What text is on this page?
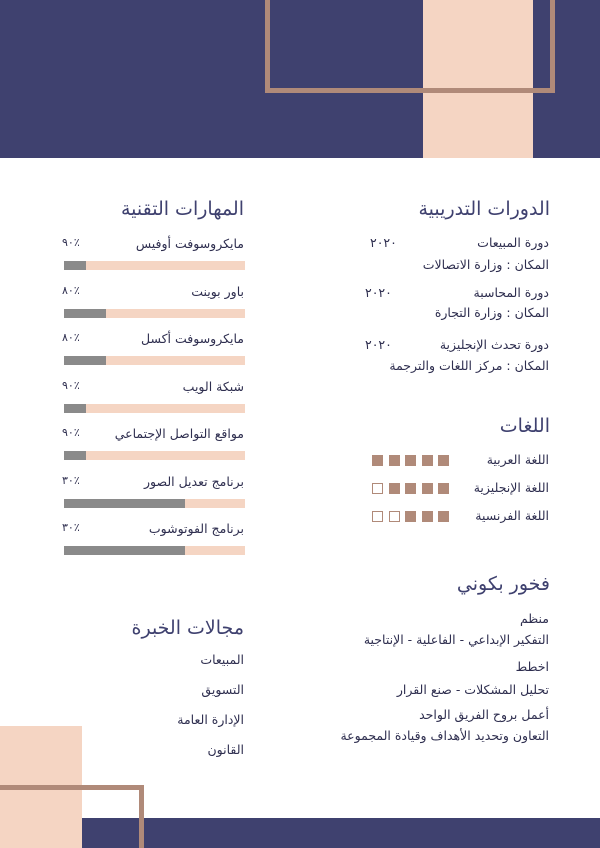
الدورات التدريبية
دورة المبيعات
٢٠٢٠
المكان : وزارة الاتصالات
دورة المحاسبة
٢٠٢٠
المكان : وزارة التجارة
دورة تحدث الإنجليزية
٢٠٢٠
المكان : مركز اللغات والترجمة
اللغات
اللغة العربية
اللغة الإنجليزية
اللغة الفرنسية
فخور بكوني
منظم
التفكير الإبداعي - الفاعلية - الإنتاجية
اخطط
تحليل المشكلات - صنع القرار
أعمل بروح الفريق الواحد
التعاون وتحديد الأهداف وقيادة المجموعة
المهارات التقنية
مايكروسوفت أوفيس
٩٠٪
باور بوينت
٨٠٪
مايكروسوفت أكسل
٨٠٪
شبكة الويب
٩٠٪
مواقع التواصل الإجتماعي
٩٠٪
برنامج تعديل الصور
٣٠٪
برنامج الفوتوشوب
٣٠٪
مجالات الخبرة
المبيعات
التسويق
الإدارة العامة
القانون
